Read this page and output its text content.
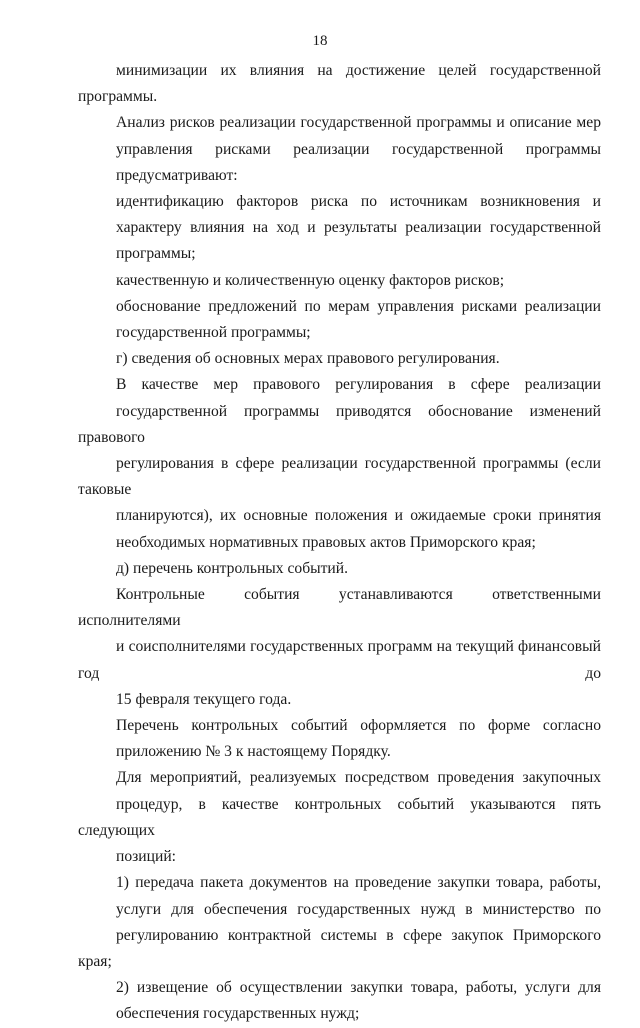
18
минимизации их влияния на достижение целей государственной программы.
Анализ рисков реализации государственной программы и описание мер
управления рисками реализации государственной программы
предусматривают:
идентификацию факторов риска по источникам возникновения и
характеру влияния на ход и результаты реализации государственной
программы;
качественную и количественную оценку факторов рисков;
обоснование предложений по мерам управления рисками реализации
государственной программы;
г) сведения об основных мерах правового регулирования.
В качестве мер правового регулирования в сфере реализации
государственной программы приводятся обоснование изменений правового
регулирования в сфере реализации государственной программы (если таковые
планируются), их основные положения и ожидаемые сроки принятия
необходимых нормативных правовых актов Приморского края;
д) перечень контрольных событий.
Контрольные события устанавливаются ответственными исполнителями
и соисполнителями государственных программ на текущий финансовый год до
15 февраля текущего года.
Перечень контрольных событий оформляется по форме согласно
приложению № 3 к настоящему Порядку.
Для мероприятий, реализуемых посредством проведения закупочных
процедур, в качестве контрольных событий указываются пять следующих
позиций:
1) передача пакета документов на проведение закупки товара, работы,
услуги для обеспечения государственных нужд в министерство по
регулированию контрактной системы в сфере закупок Приморского края;
2) извещение об осуществлении закупки товара, работы, услуги для
обеспечения государственных нужд;
